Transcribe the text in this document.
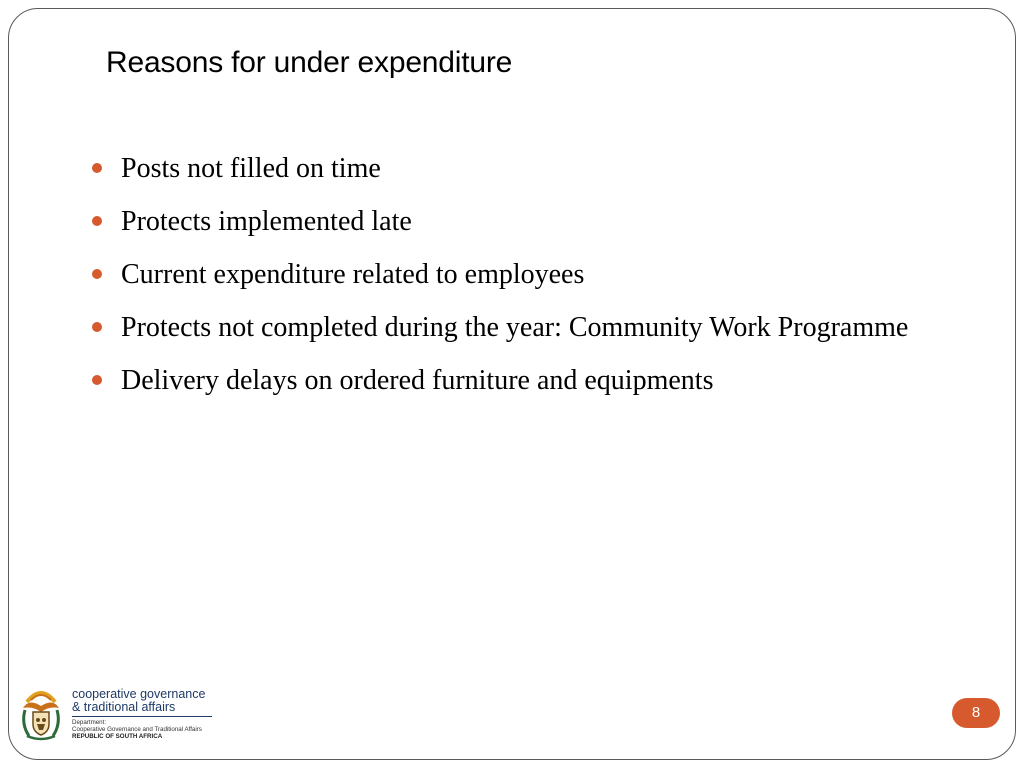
Reasons for under expenditure
Posts not filled on time
Protects implemented late
Current expenditure related to employees
Protects not completed during the year: Community Work Programme
Delivery delays on ordered furniture and equipments
cooperative governance
& traditional affairs
Department:
Cooperative Governance and Traditional Affairs
REPUBLIC OF SOUTH AFRICA
8
